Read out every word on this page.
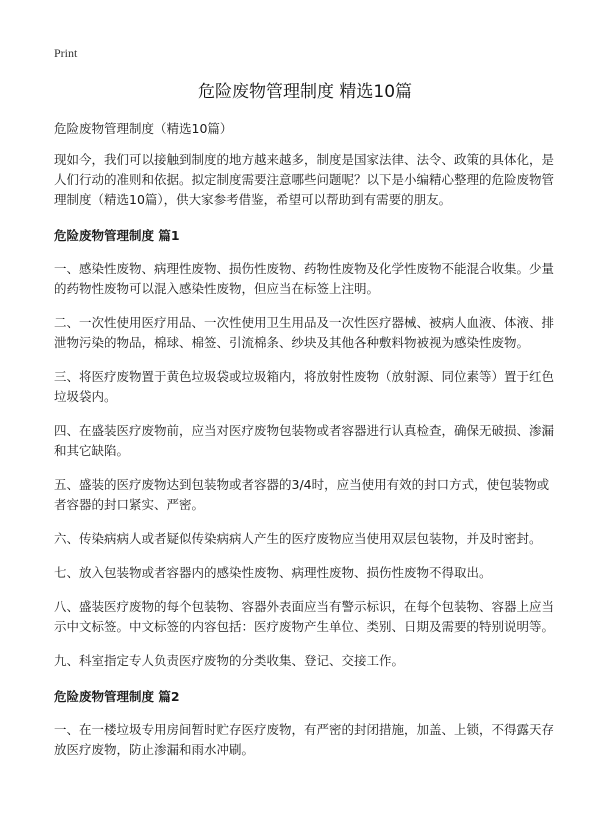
Print
危险废物管理制度 精选10篇
危险废物管理制度（精选10篇）

现如今，我们可以接触到制度的地方越来越多，制度是国家法律、法令、政策的具体化，是人们行动的准则和依据。拟定制度需要注意哪些问题呢？以下是小编精心整理的危险废物管理制度（精选10篇），供大家参考借鉴，希望可以帮助到有需要的朋友。

危险废物管理制度 篇1

一、感染性废物、病理性废物、损伤性废物、药物性废物及化学性废物不能混合收集。少量的药物性废物可以混入感染性废物，但应当在标签上注明。

二、一次性使用医疗用品、一次性使用卫生用品及一次性医疗器械、被病人血液、体液、排泄物污染的物品，棉球、棉签、引流棉条、纱块及其他各种敷料物被视为感染性废物。

三、将医疗废物置于黄色垃圾袋或垃圾箱内，将放射性废物（放射源、同位素等）置于红色垃圾袋内。

四、在盛装医疗废物前，应当对医疗废物包装物或者容器进行认真检查，确保无破损、渗漏和其它缺陷。

五、盛装的医疗废物达到包装物或者容器的3/4时，应当使用有效的封口方式，使包装物或者容器的封口紧实、严密。

六、传染病病人或者疑似传染病病人产生的医疗废物应当使用双层包装物，并及时密封。

七、放入包装物或者容器内的感染性废物、病理性废物、损伤性废物不得取出。

八、盛装医疗废物的每个包装物、容器外表面应当有警示标识，在每个包装物、容器上应当示中文标签。中文标签的内容包括：医疗废物产生单位、类别、日期及需要的特别说明等。

九、科室指定专人负责医疗废物的分类收集、登记、交接工作。

危险废物管理制度 篇2

一、在一楼垃圾专用房间暂时贮存医疗废物，有严密的封闭措施，加盖、上锁，不得露天存放医疗废物，防止渗漏和雨水冲刷。
